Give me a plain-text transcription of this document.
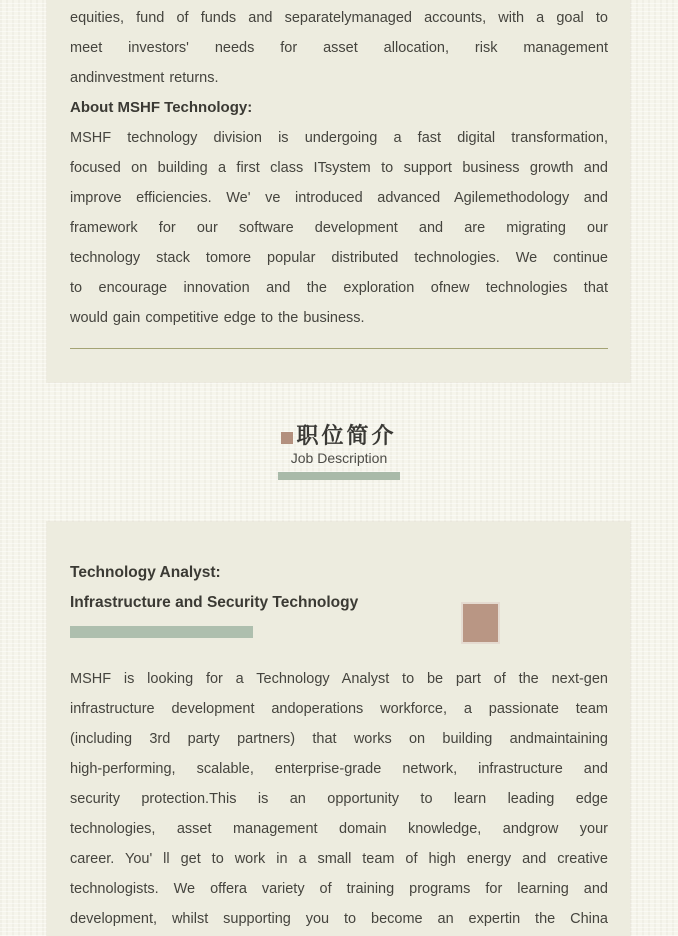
equities, fund of funds and separatelymanaged accounts, with a goal to
meet investors' needs for asset allocation, risk management
andinvestment returns.
About MSHF Technology:
MSHF technology division is undergoing a fast digital transformation,
focused on building a first class ITsystem to support business growth and
improve efficiencies. We' ve introduced advanced Agilemethodology and
framework for our software development and are migrating our
technology stack tomore popular distributed technologies. We continue
to encourage innovation and the exploration ofnew technologies that
would gain competitive edge to the business.
职位简介
Job Description
Technology Analyst:
Infrastructure and Security Technology
MSHF is looking for a Technology Analyst to be part of the next-gen
infrastructure development andoperations workforce, a passionate team
(including 3rd party partners) that works on building andmaintaining
high-performing, scalable, enterprise-grade network, infrastructure and
security protection.This is an opportunity to learn leading edge
technologies, asset management domain knowledge, andgrow your
career. You' ll get to work in a small team of high energy and creative
technologists. We offera variety of training programs for learning and
development, whilst supporting you to become an expertin the China
